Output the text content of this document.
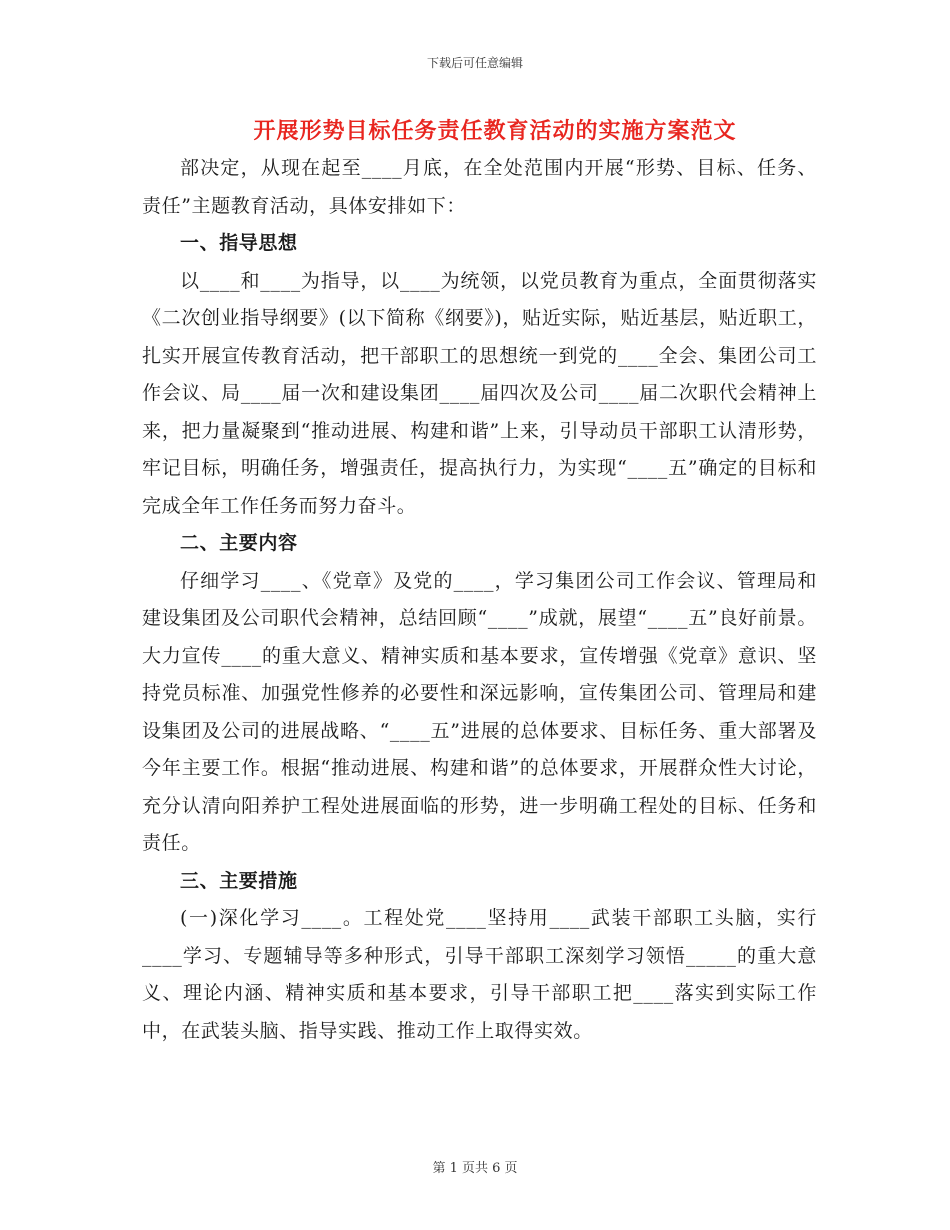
下载后可任意编辑
开展形势目标任务责任教育活动的实施方案范文

部决定，从现在起至____月底，在全处范围内开展“形势、目标、任务、责任”主题教育活动，具体安排如下：

一、指导思想

以____和____为指导，以____为统领，以党员教育为重点，全面贯彻落实《二次创业指导纲要》(以下简称《纲要》)，贴近实际，贴近基层，贴近职工，扎实开展宣传教育活动，把干部职工的思想统一到党的____全会、集团公司工作会议、局____届一次和建设集团____届四次及公司____届二次职代会精神上来，把力量凝聚到“推动进展、构建和谐”上来，引导动员干部职工认清形势，牢记目标，明确任务，增强责任，提高执行力，为实现“____五”确定的目标和完成全年工作任务而努力奋斗。

二、主要内容

仔细学习____、《党章》及党的____，学习集团公司工作会议、管理局和建设集团及公司职代会精神，总结回顾“____”成就，展望“____五”良好前景。大力宣传____的重大意义、精神实质和基本要求，宣传增强《党章》意识、坚持党员标准、加强党性修养的必要性和深远影响，宣传集团公司、管理局和建设集团及公司的进展战略、“____五”进展的总体要求、目标任务、重大部署及今年主要工作。根据“推动进展、构建和谐”的总体要求，开展群众性大讨论，充分认清向阳养护工程处进展面临的形势，进一步明确工程处的目标、任务和责任。

三、主要措施

(一)深化学习____。工程处党____坚持用____武装干部职工头脑，实行____学习、专题辅导等多种形式，引导干部职工深刻学习领悟_____的重大意义、理论内涵、精神实质和基本要求，引导干部职工把____落实到实际工作中，在武装头脑、指导实践、推动工作上取得实效。

第 1 页共 6 页
